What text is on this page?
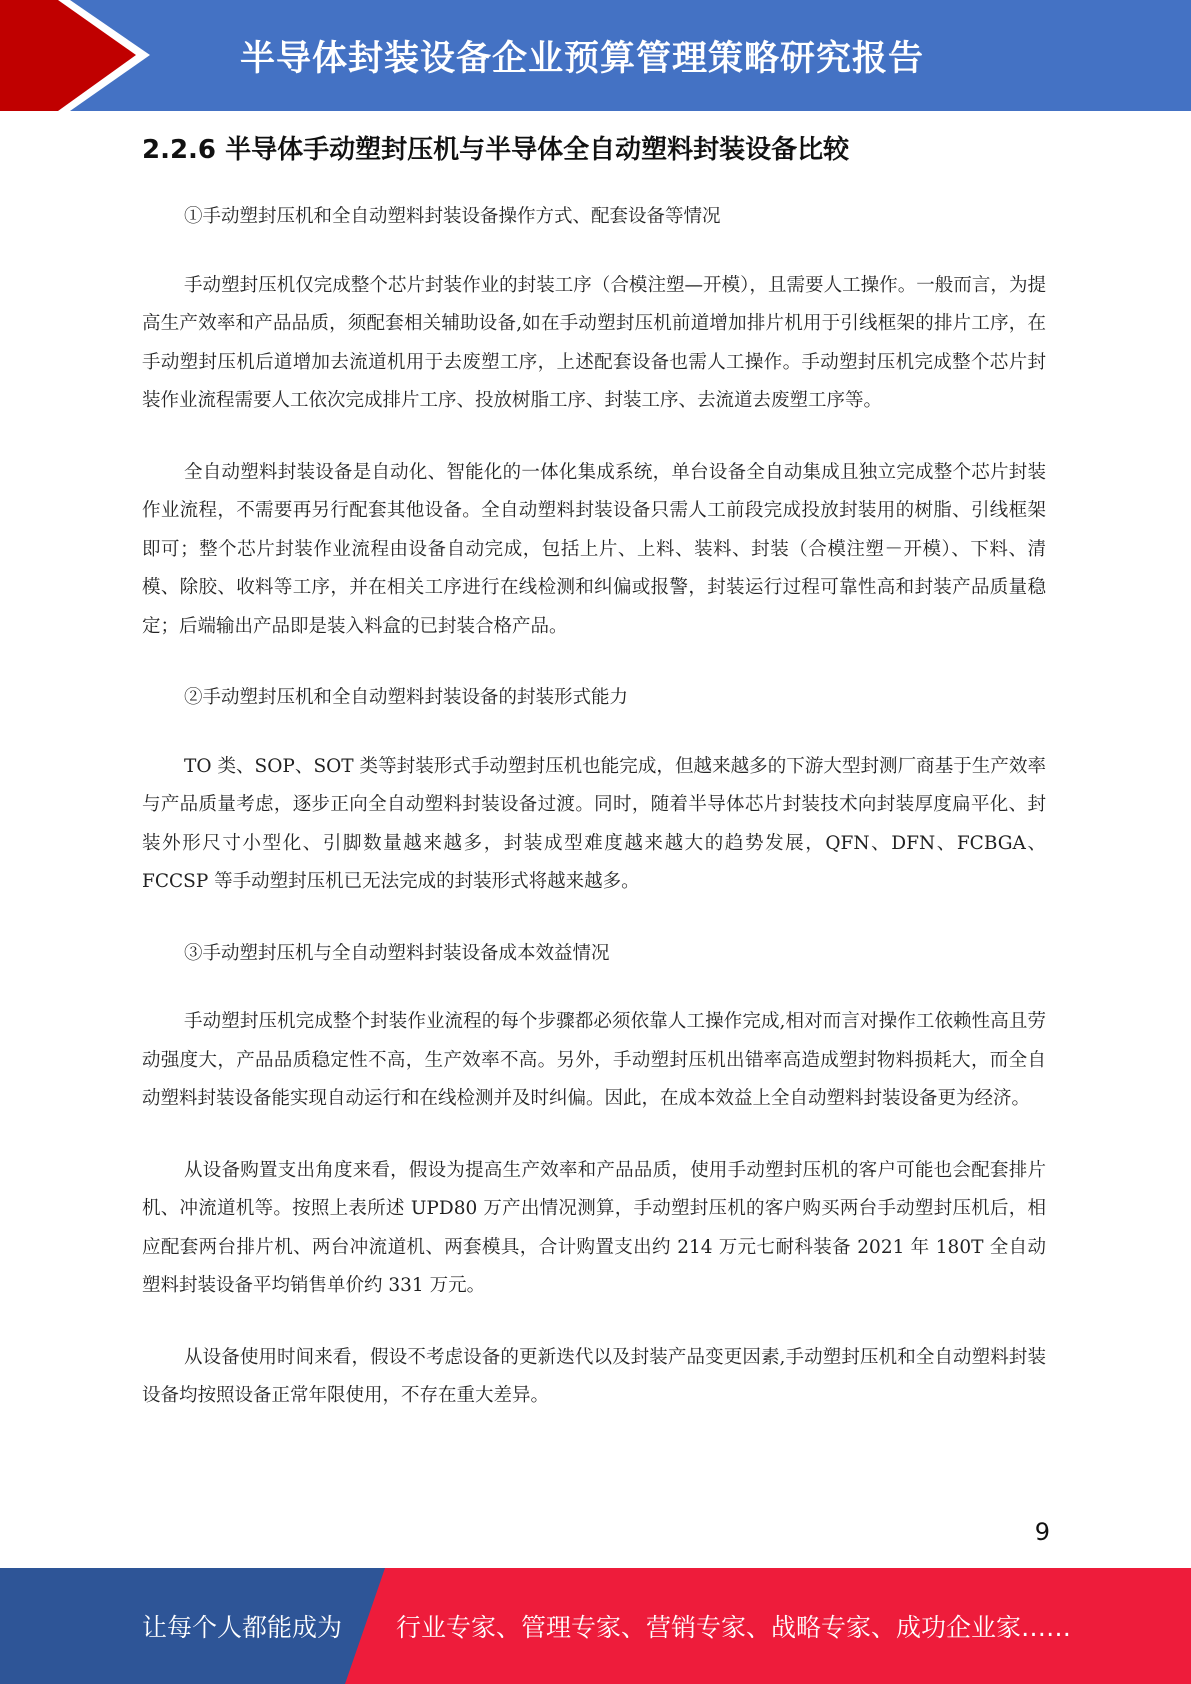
半导体封装设备企业预算管理策略研究报告
2.2.6 半导体手动塑封压机与半导体全自动塑料封装设备比较

①手动塑封压机和全自动塑料封装设备操作方式、配套设备等情况

手动塑封压机仅完成整个芯片封装作业的封装工序（合模注塑—开模），且需要人工操作。一般而言，为提高生产效率和产品品质，须配套相关辅助设备,如在手动塑封压机前道增加排片机用于引线框架的排片工序，在手动塑封压机后道增加去流道机用于去废塑工序，上述配套设备也需人工操作。手动塑封压机完成整个芯片封装作业流程需要人工依次完成排片工序、投放树脂工序、封装工序、去流道去废塑工序等。

全自动塑料封装设备是自动化、智能化的一体化集成系统，单台设备全自动集成且独立完成整个芯片封装作业流程，不需要再另行配套其他设备。全自动塑料封装设备只需人工前段完成投放封装用的树脂、引线框架即可；整个芯片封装作业流程由设备自动完成，包括上片、上料、装料、封装（合模注塑－开模）、下料、清模、除胶、收料等工序，并在相关工序进行在线检测和纠偏或报警，封装运行过程可靠性高和封装产品质量稳定；后端输出产品即是装入料盒的已封装合格产品。

②手动塑封压机和全自动塑料封装设备的封装形式能力

TO 类、SOP、SOT 类等封装形式手动塑封压机也能完成，但越来越多的下游大型封测厂商基于生产效率与产品质量考虑，逐步正向全自动塑料封装设备过渡。同时，随着半导体芯片封装技术向封装厚度扁平化、封装外形尺寸小型化、引脚数量越来越多，封装成型难度越来越大的趋势发展，QFN、DFN、FCBGA、FCCSP 等手动塑封压机已无法完成的封装形式将越来越多。

③手动塑封压机与全自动塑料封装设备成本效益情况

手动塑封压机完成整个封装作业流程的每个步骤都必须依靠人工操作完成,相对而言对操作工依赖性高且劳动强度大，产品品质稳定性不高，生产效率不高。另外，手动塑封压机出错率高造成塑封物料损耗大，而全自动塑料封装设备能实现自动运行和在线检测并及时纠偏。因此，在成本效益上全自动塑料封装设备更为经济。

从设备购置支出角度来看，假设为提高生产效率和产品品质，使用手动塑封压机的客户可能也会配套排片机、冲流道机等。按照上表所述 UPD80 万产出情况测算，手动塑封压机的客户购买两台手动塑封压机后，相应配套两台排片机、两台冲流道机、两套模具，合计购置支出约 214 万元七耐科装备 2021 年 180T 全自动塑料封装设备平均销售单价约 331 万元。

从设备使用时间来看，假设不考虑设备的更新迭代以及封装产品变更因素,手动塑封压机和全自动塑料封装设备均按照设备正常年限使用，不存在重大差异。

9
让每个人都能成为 行业专家、管理专家、营销专家、战略专家、成功企业家……
